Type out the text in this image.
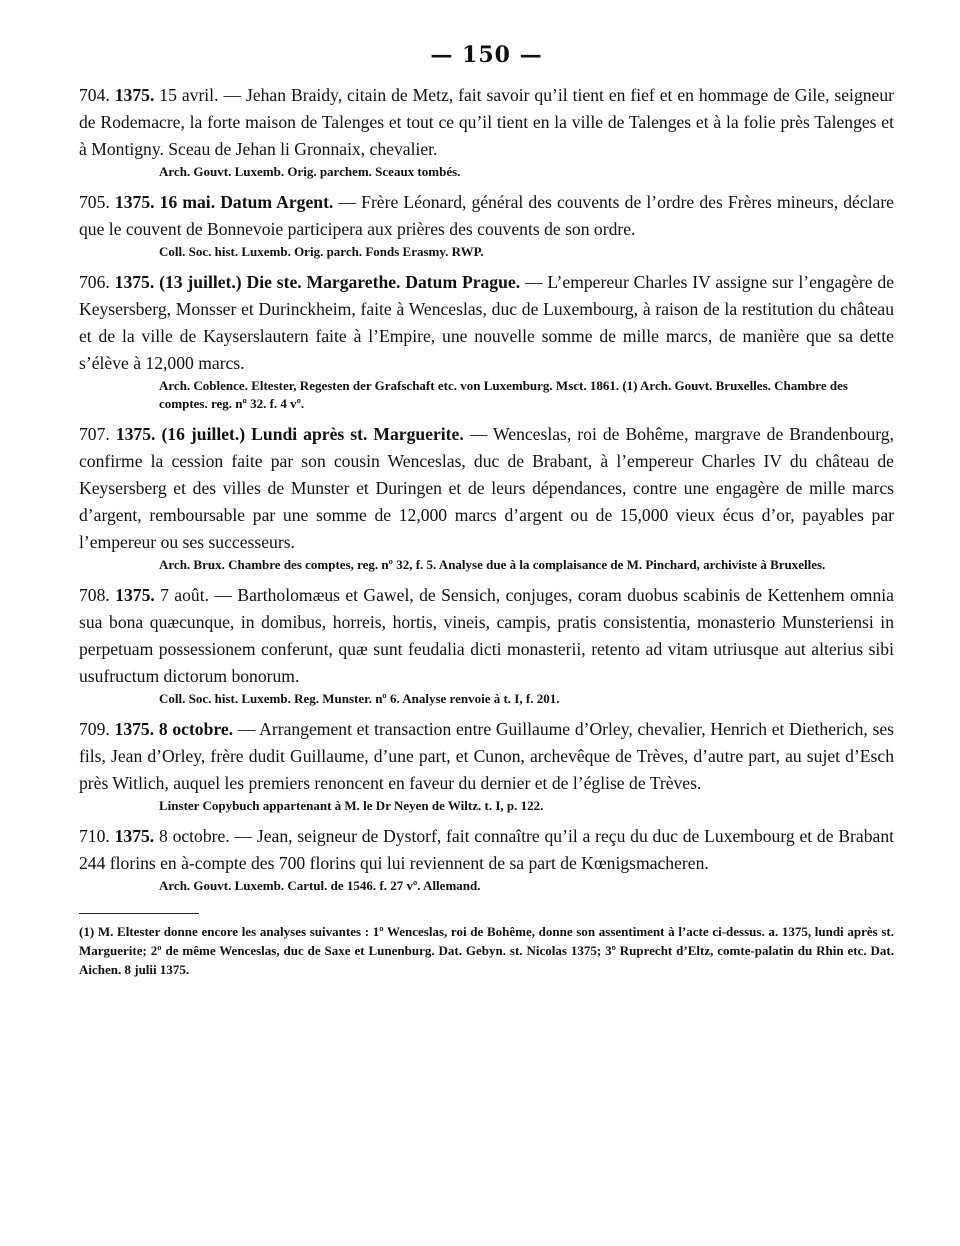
— 150 —

704. 1375. 15 avril. — Jehan Braidy, citain de Metz, fait savoir qu’il tient en fief et en hommage de Gile, seigneur de Rodemacre, la forte maison de Talenges et tout ce qu’il tient en la ville de Talenges et à la folie près Talenges et à Montigny. Sceau de Jehan li Gronnaix, chevalier.

Arch. Gouvt. Luxemb. Orig. parchem. Sceaux tombés.

705. 1375. 16 mai. Datum Argent. — Frère Léonard, général des couvents de l’ordre des Frères mineurs, déclare que le couvent de Bonnevoie participera aux prières des couvents de son ordre.

Coll. Soc. hist. Luxemb. Orig. parch. Fonds Erasmy. RWP.

706. 1375. (13 juillet.) Die ste. Margarethe. Datum Prague. — L’empereur Charles IV assigne sur l’engagère de Keysersberg, Monsser et Durinckheim, faite à Wenceslas, duc de Luxembourg, à raison de la restitution du château et de la ville de Kayserslautern faite à l’Empire, une nouvelle somme de mille marcs, de manière que sa dette s’élève à 12,000 marcs.

Arch. Coblence. Eltester, Regesten der Grafschaft etc. von Luxemburg. Msct. 1861. (1) Arch. Gouvt. Bruxelles. Chambre des comptes. reg. nº 32. f. 4 vº.

707. 1375. (16 juillet.) Lundi après st. Marguerite. — Wenceslas, roi de Bohême, margrave de Brandenbourg, confirme la cession faite par son cousin Wenceslas, duc de Brabant, à l’empereur Charles IV du château de Keysersberg et des villes de Munster et Duringen et de leurs dépendances, contre une engagère de mille marcs d’argent, remboursable par une somme de 12,000 marcs d’argent ou de 15,000 vieux écus d’or, payables par l’empereur ou ses successeurs.

Arch. Brux. Chambre des comptes, reg. nº 32, f. 5. Analyse due à la complaisance de M. Pinchard, archiviste à Bruxelles.

708. 1375. 7 août. — Bartholomæus et Gawel, de Sensich, conjuges, coram duobus scabinis de Kettenhem omnia sua bona quæcunque, in domibus, horreis, hortis, vineis, campis, pratis consistentia, monasterio Munsteriensi in perpetuam possessionem conferunt, quæ sunt feudalia dicti monasterii, retento ad vitam utriusque aut alterius sibi usufructum dictorum bonorum.

Coll. Soc. hist. Luxemb. Reg. Munster. nº 6. Analyse renvoie à t. I, f. 201.

709. 1375. 8 octobre. — Arrangement et transaction entre Guillaume d’Orley, chevalier, Henrich et Dietherich, ses fils, Jean d’Orley, frère dudit Guillaume, d’une part, et Cunon, archevêque de Trèves, d’autre part, au sujet d’Esch près Witlich, auquel les premiers renoncent en faveur du dernier et de l’église de Trèves.

Linster Copybuch appartenant à M. le Dr Neyen de Wiltz. t. I, p. 122.

710. 1375. 8 octobre. — Jean, seigneur de Dystorf, fait connaître qu’il a reçu du duc de Luxembourg et de Brabant 244 florins en à-compte des 700 florins qui lui reviennent de sa part de Kœnigsmacheren.

Arch. Gouvt. Luxemb. Cartul. de 1546. f. 27 vº. Allemand.

(1) M. Eltester donne encore les analyses suivantes : 1º Wenceslas, roi de Bohême, donne son assentiment à l’acte ci-dessus. a. 1375, lundi après st. Marguerite; 2º de même Wenceslas, duc de Saxe et Lunenburg. Dat. Gebyn. st. Nicolas 1375; 3º Ruprecht d’Eltz, comte-palatin du Rhin etc. Dat. Aichen. 8 julii 1375.
